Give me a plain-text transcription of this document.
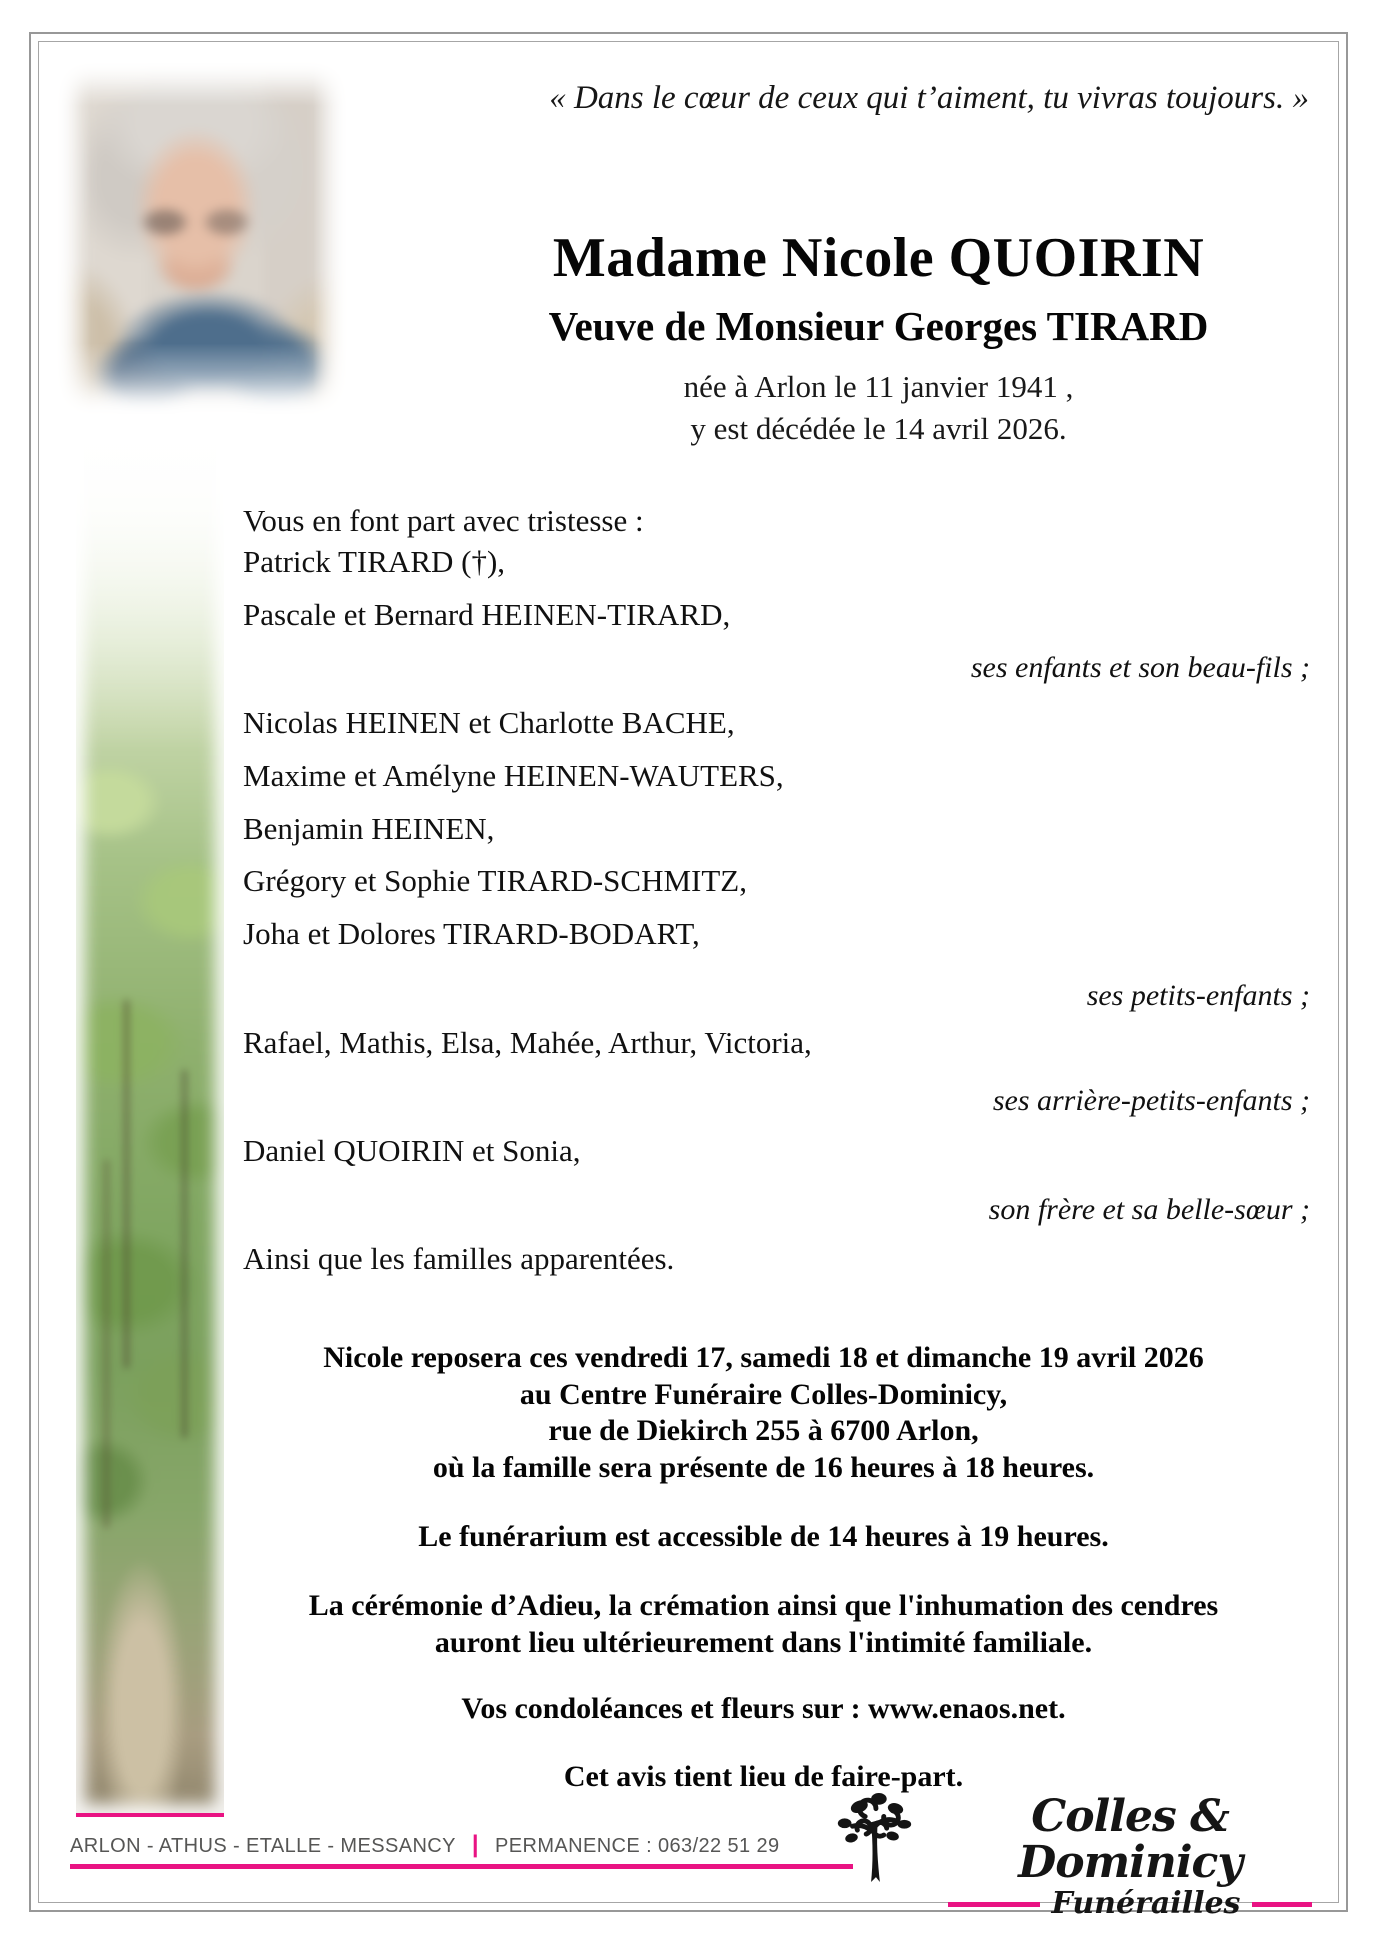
« Dans le cœur de ceux qui t’aiment, tu vivras toujours. »
Madame Nicole QUOIRIN
Veuve de Monsieur Georges TIRARD
née à Arlon le 11 janvier 1941 ,
y est décédée le 14 avril 2026.
Vous en font part avec tristesse :
Patrick TIRARD (†),
Pascale et Bernard HEINEN-TIRARD,
ses enfants et son beau-fils ;
Nicolas HEINEN et Charlotte BACHE,
Maxime et Amélyne HEINEN-WAUTERS,
Benjamin HEINEN,
Grégory et Sophie TIRARD-SCHMITZ,
Joha et Dolores TIRARD-BODART,
ses petits-enfants ;
Rafael, Mathis, Elsa, Mahée, Arthur, Victoria,
ses arrière-petits-enfants ;
Daniel QUOIRIN et Sonia,
son frère et sa belle-sœur ;
Ainsi que les familles apparentées.
Nicole reposera ces vendredi 17, samedi 18 et dimanche 19 avril 2026
au Centre Funéraire Colles-Dominicy,
rue de Diekirch 255 à 6700 Arlon,
où la famille sera présente de 16 heures à 18 heures.
Le funérarium est accessible de 14 heures à 19 heures.
La cérémonie d’Adieu, la crémation ainsi que l'inhumation des cendres
auront lieu ultérieurement dans l'intimité familiale.
Vos condoléances et fleurs sur : www.enaos.net.
Cet avis tient lieu de faire-part.
ARLON - ATHUS - ETALLE - MESSANCY | PERMANENCE : 063/22 51 29
Colles & Dominicy
Funérailles
